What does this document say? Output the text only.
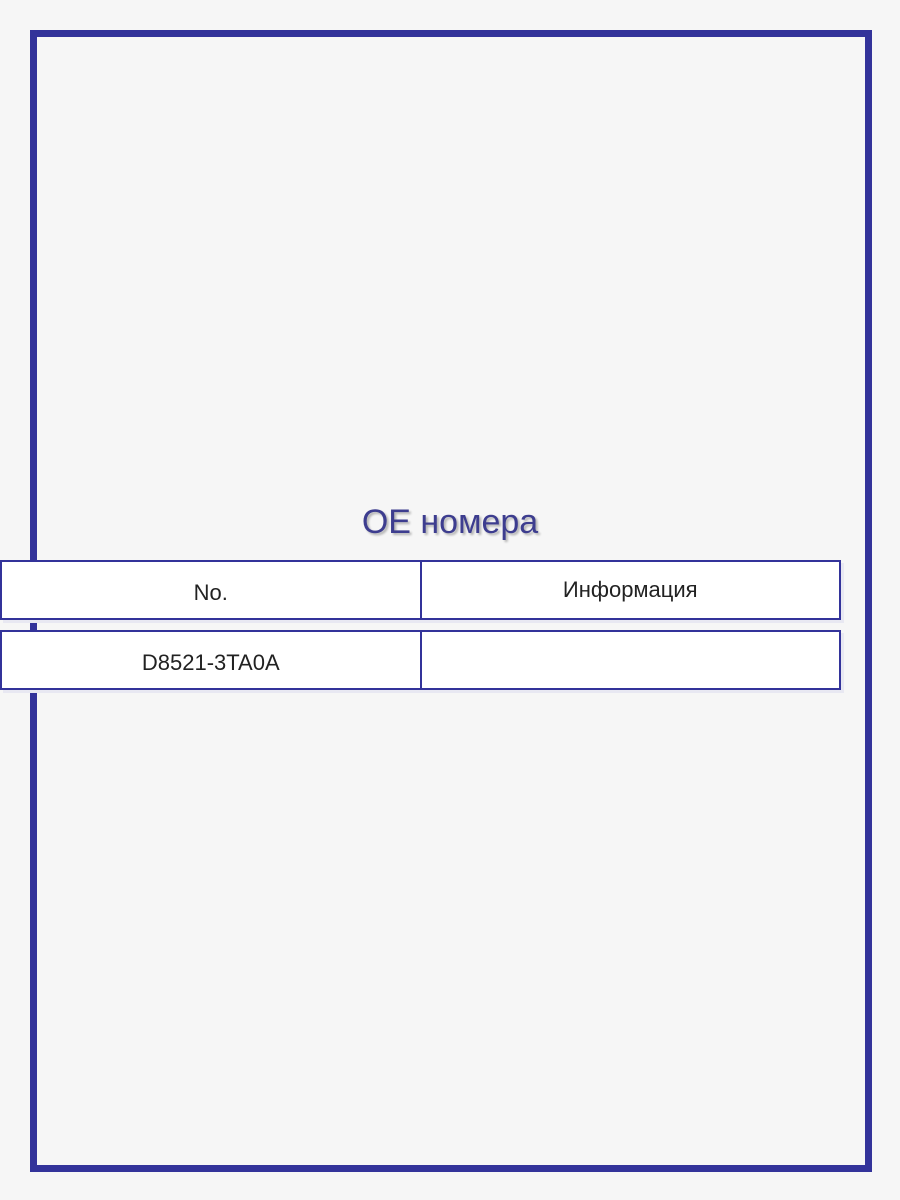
OE номера
No.	Информация
D8521-3TA0A
